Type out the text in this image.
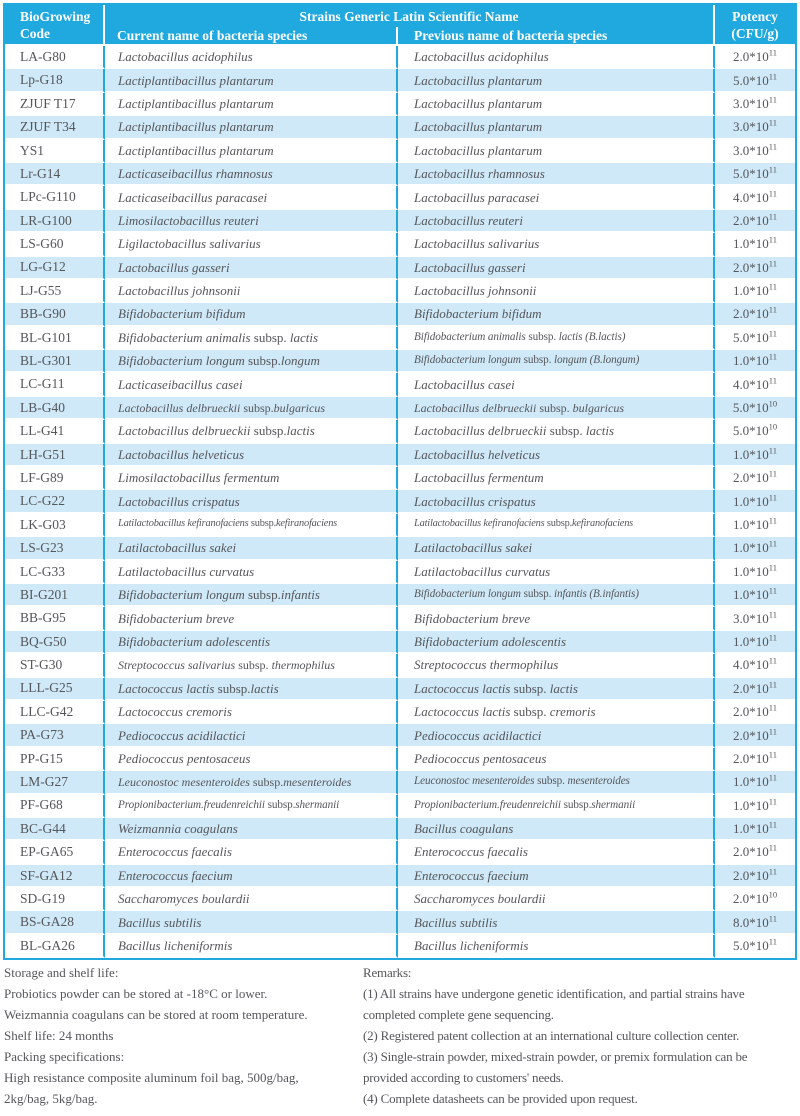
BioGrowing
Code
	Strains Generic Latin Scientific Name	Potency
(CFU/g)

	Current name of bacteria species	Previous name of bacteria species	
LA-G80	Lactobacillus acidophilus	Lactobacillus acidophilus	$2.0*10^{11}$
Lp-G18	Lactiplantibacillus plantarum	Lactobacillus plantarum	$5.0*10^{11}$
ZJUF T17	Lactiplantibacillus plantarum	Lactobacillus plantarum	$3.0*10^{11}$
ZJUF T34	Lactiplantibacillus plantarum	Lactobacillus plantarum	$3.0*10^{11}$
YS1	Lactiplantibacillus plantarum	Lactobacillus plantarum	$3.0*10^{11}$
Lr-G14	Lacticaseibacillus rhamnosus	Lactobacillus rhamnosus	$5.0*10^{11}$
LPc-G110	Lacticaseibacillus paracasei	Lactobacillus paracasei	$4.0*10^{11}$
LR-G100	Limosilactobacillus reuteri	Lactobacillus reuteri	$2.0*10^{11}$
LS-G60	Ligilactobacillus salivarius	Lactobacillus salivarius	$1.0*10^{11}$
LG-G12	Lactobacillus gasseri	Lactobacillus gasseri	$2.0*10^{11}$
LJ-G55	Lactobacillus johnsonii	Lactobacillus johnsonii	$1.0*10^{11}$
BB-G90	Bifidobacterium bifidum	Bifidobacterium bifidum	$2.0*10^{11}$
BL-G101	Bifidobacterium animalis subsp. lactis	Bifidobacterium animalis subsp. lactis (B.lactis)	$5.0*10^{11}$
BL-G301	Bifidobacterium longum subsp.longum	Bifidobacterium longum subsp. longum (B.longum)	$1.0*10^{11}$
LC-G11	Lacticaseibacillus casei	Lactobacillus casei	$4.0*10^{11}$
LB-G40	Lactobacillus delbrueckii subsp.bulgaricus	Lactobacillus delbrueckii subsp. bulgaricus	$5.0*10^{10}$
LL-G41	Lactobacillus delbrueckii subsp.lactis	Lactobacillus delbrueckii subsp. lactis	$5.0*10^{10}$
LH-G51	Lactobacillus helveticus	Lactobacillus helveticus	$1.0*10^{11}$
LF-G89	Limosilactobacillus fermentum	Lactobacillus fermentum	$2.0*10^{11}$
LC-G22	Lactobacillus crispatus	Lactobacillus crispatus	$1.0*10^{11}$
LK-G03	Latilactobacillus kefiranofaciens subsp.kefiranofaciens	Latilactobacillus kefiranofaciens subsp.kefiranofaciens	$1.0*10^{11}$
LS-G23	Latilactobacillus sakei	Latilactobacillus sakei	$1.0*10^{11}$
LC-G33	Latilactobacillus curvatus	Latilactobacillus curvatus	$1.0*10^{11}$
BI-G201	Bifidobacterium longum subsp.infantis	Bifidobacterium longum subsp. infantis (B.infantis)	$1.0*10^{11}$
BB-G95	Bifidobacterium breve	Bifidobacterium breve	$3.0*10^{11}$
BQ-G50	Bifidobacterium adolescentis	Bifidobacterium adolescentis	$1.0*10^{11}$
ST-G30	Streptococcus salivarius subsp. thermophilus	Streptococcus thermophilus	$4.0*10^{11}$
LLL-G25	Lactococcus lactis subsp.lactis	Lactococcus lactis subsp. lactis	$2.0*10^{11}$
LLC-G42	Lactococcus cremoris	Lactococcus lactis subsp. cremoris	$2.0*10^{11}$
PA-G73	Pediococcus acidilactici	Pediococcus acidilactici	$2.0*10^{11}$
PP-G15	Pediococcus pentosaceus	Pediococcus pentosaceus	$2.0*10^{11}$
LM-G27	Leuconostoc mesenteroides subsp.mesenteroides	Leuconostoc mesenteroides subsp. mesenteroides	$1.0*10^{11}$
PF-G68	Propionibacterium.freudenreichii subsp.shermanii	Propionibacterium.freudenreichii subsp.shermanii	$1.0*10^{11}$
BC-G44	Weizmannia coagulans	Bacillus coagulans	$1.0*10^{11}$
EP-GA65	Enterococcus faecalis	Enterococcus faecalis	$2.0*10^{11}$
SF-GA12	Enterococcus faecium	Enterococcus faecium	$2.0*10^{11}$
SD-G19	Saccharomyces boulardii	Saccharomyces boulardii	$2.0*10^{10}$
BS-GA28	Bacillus subtilis	Bacillus subtilis	$8.0*10^{11}$
BL-GA26	Bacillus licheniformis	Bacillus licheniformis	$5.0*10^{11}$
Storage and shelf life:
Probiotics powder can be stored at -18°C or lower.
Weizmannia coagulans can be stored at room temperature.
Shelf life: 24 months
Packing specifications:
High resistance composite aluminum foil bag, 500g/bag,
2kg/bag, 5kg/bag.
Remarks:
(1) All strains have undergone genetic identification, and partial strains have
completed complete gene sequencing.
(2) Registered patent collection at an international culture collection center.
(3) Single-strain powder, mixed-strain powder, or premix formulation can be
provided according to customers' needs.
(4) Complete datasheets can be provided upon request.
